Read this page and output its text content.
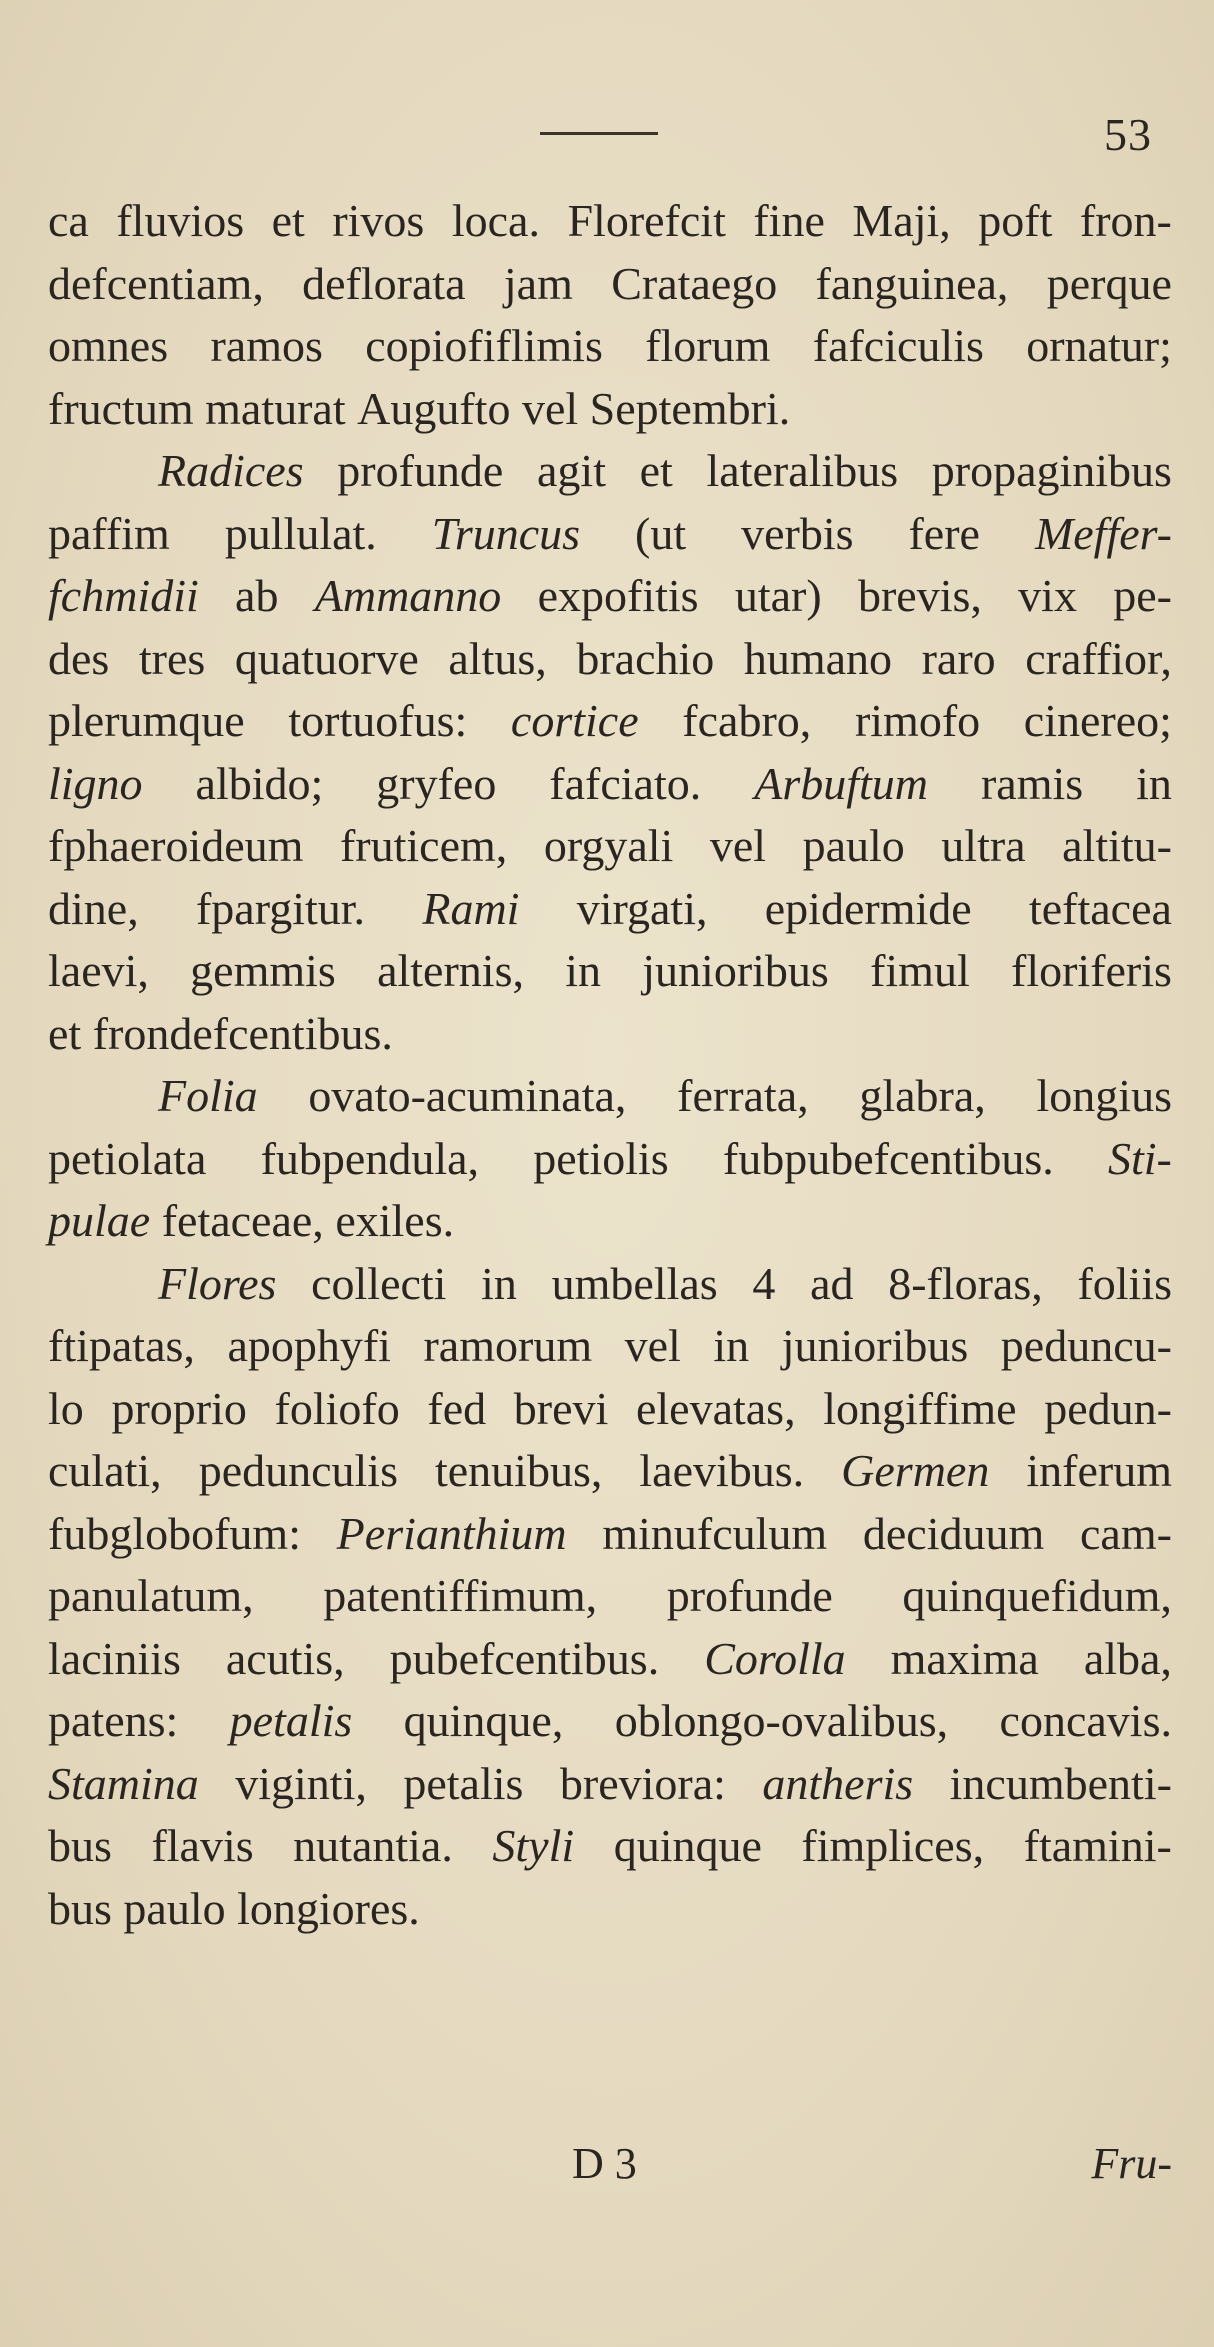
53
ca
fluvios
et
rivos
loca.
Florefcit
fine
Maji,
poft
fron-
defcentiam,
deflorata
jam
Crataego
fanguinea,
perque
omnes
ramos
copiofiflimis
florum
fafciculis
ornatur;
fructum
maturat
Augufto
vel
Septembri.
Radices
profunde
agit
et
lateralibus
propaginibus
paffim
pullulat.
Truncus
(ut
verbis
fere
Meffer-
fchmidii
ab
Ammanno
expofitis
utar)
brevis,
vix
pe-
des
tres
quatuorve
altus,
brachio
humano
raro
craffior,
plerumque
tortuofus:
cortice
fcabro,
rimofo
cinereo;
ligno
albido;
gryfeo
fafciato.
Arbuftum
ramis
in
fphaeroideum
fruticem,
orgyali
vel
paulo
ultra
altitu-
dine,
fpargitur.
Rami
virgati,
epidermide
teftacea
laevi,
gemmis
alternis,
in
junioribus
fimul
floriferis
et
frondefcentibus.
Folia
ovato-acuminata,
ferrata,
glabra,
longius
petiolata
fubpendula,
petiolis
fubpubefcentibus.
Sti-
pulae
fetaceae,
exiles.
Flores
collecti
in
umbellas
4
ad
8-floras,
foliis
ftipatas,
apophyfi
ramorum
vel
in
junioribus
peduncu-
lo
proprio
foliofo
fed
brevi
elevatas,
longiffime
pedun-
culati,
pedunculis
tenuibus,
laevibus.
Germen
inferum
fubglobofum:
Perianthium
minufculum
deciduum
cam-
panulatum,
patentiffimum,
profunde
quinquefidum,
laciniis
acutis,
pubefcentibus.
Corolla
maxima
alba,
patens:
petalis
quinque,
oblongo-ovalibus,
concavis.
Stamina
viginti,
petalis
breviora:
antheris
incumbenti-
bus
flavis
nutantia.
Styli
quinque
fimplices,
ftamini-
bus
paulo
longiores.
D 3	Fru-
